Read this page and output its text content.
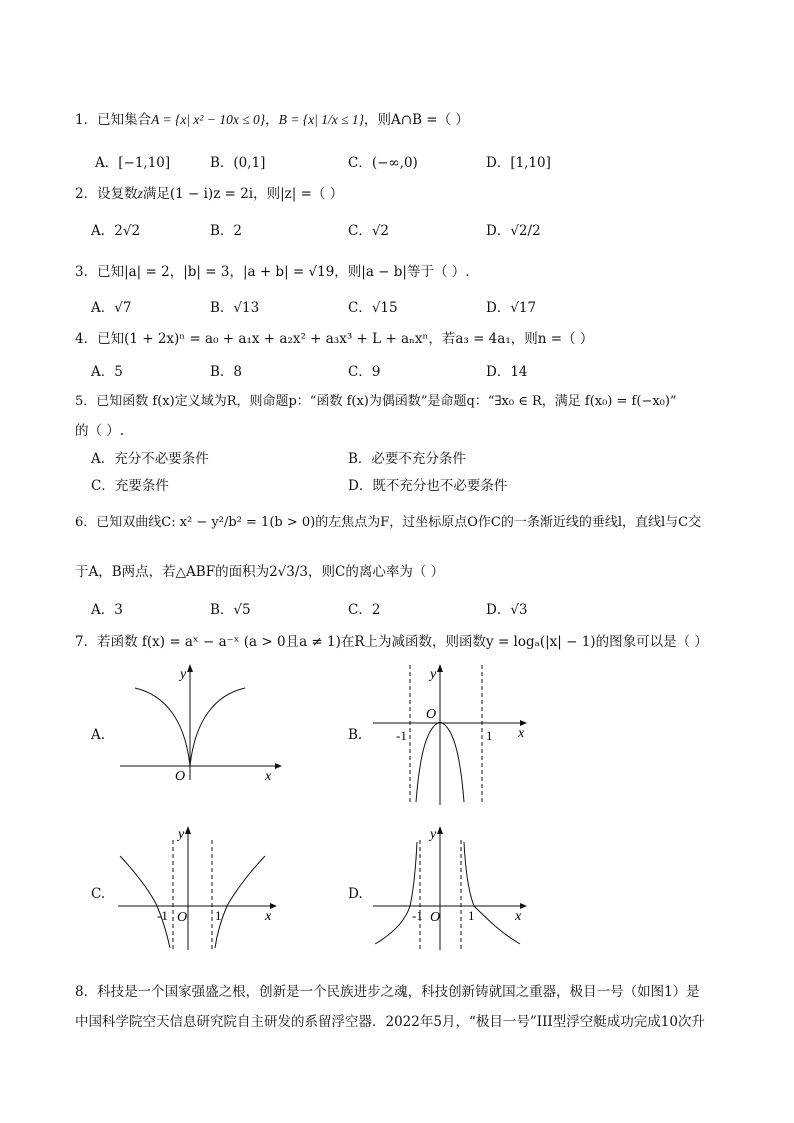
1．已知集合A = {x| x² − 10x ≤ 0}，B = {x| 1/x ≤ 1}，则A∩B =（ ）
A．[−1,10]	B．(0,1]	C．(−∞,0)	D．[1,10]
2．设复数z满足(1 − i)z = 2i，则|z| =（ ）
A．2√2	B．2	C．√2	D．√2/2
3．已知|a| = 2，|b| = 3，|a + b| = √19，则|a − b|等于（ ）.
A．√7	B．√13	C．√15	D．√17
4．已知(1 + 2x)ⁿ = a₀ + a₁x + a₂x² + a₃x³ + L + aₙxⁿ，若a₃ = 4a₁，则n =（ ）
A．5	B．8	C．9	D．14
5．已知函数 f(x)定义域为R，则命题p：“函数 f(x)为偶函数”是命题q：“∃x₀ ∈ R，满足 f(x₀) = f(−x₀)”
的（ ）.
A．充分不必要条件	B．必要不充分条件
C．充要条件	D．既不充分也不必要条件
6．已知双曲线C: x² − y²/b² = 1(b > 0)的左焦点为F，过坐标原点O作C的一条渐近线的垂线l，直线l与C交
于A，B两点，若△ABF的面积为2√3/3，则C的离心率为（ ）
A．3	B．√5	C．2	D．√3
7．若函数 f(x) = aˣ − a⁻ˣ (a > 0且a ≠ 1)在R上为减函数，则函数y = logₐ(|x| − 1)的图象可以是（ ）
A.
x
y
O
B.	x
y
O
-1	1
C.
x
y
O
-1	1
D.
x
y
O
-1	1
8．科技是一个国家强盛之根，创新是一个民族进步之魂，科技创新铸就国之重器，极目一号（如图1）是
中国科学院空天信息研究院自主研发的系留浮空器．2022年5月，“极目一号”III型浮空艇成功完成10次升
